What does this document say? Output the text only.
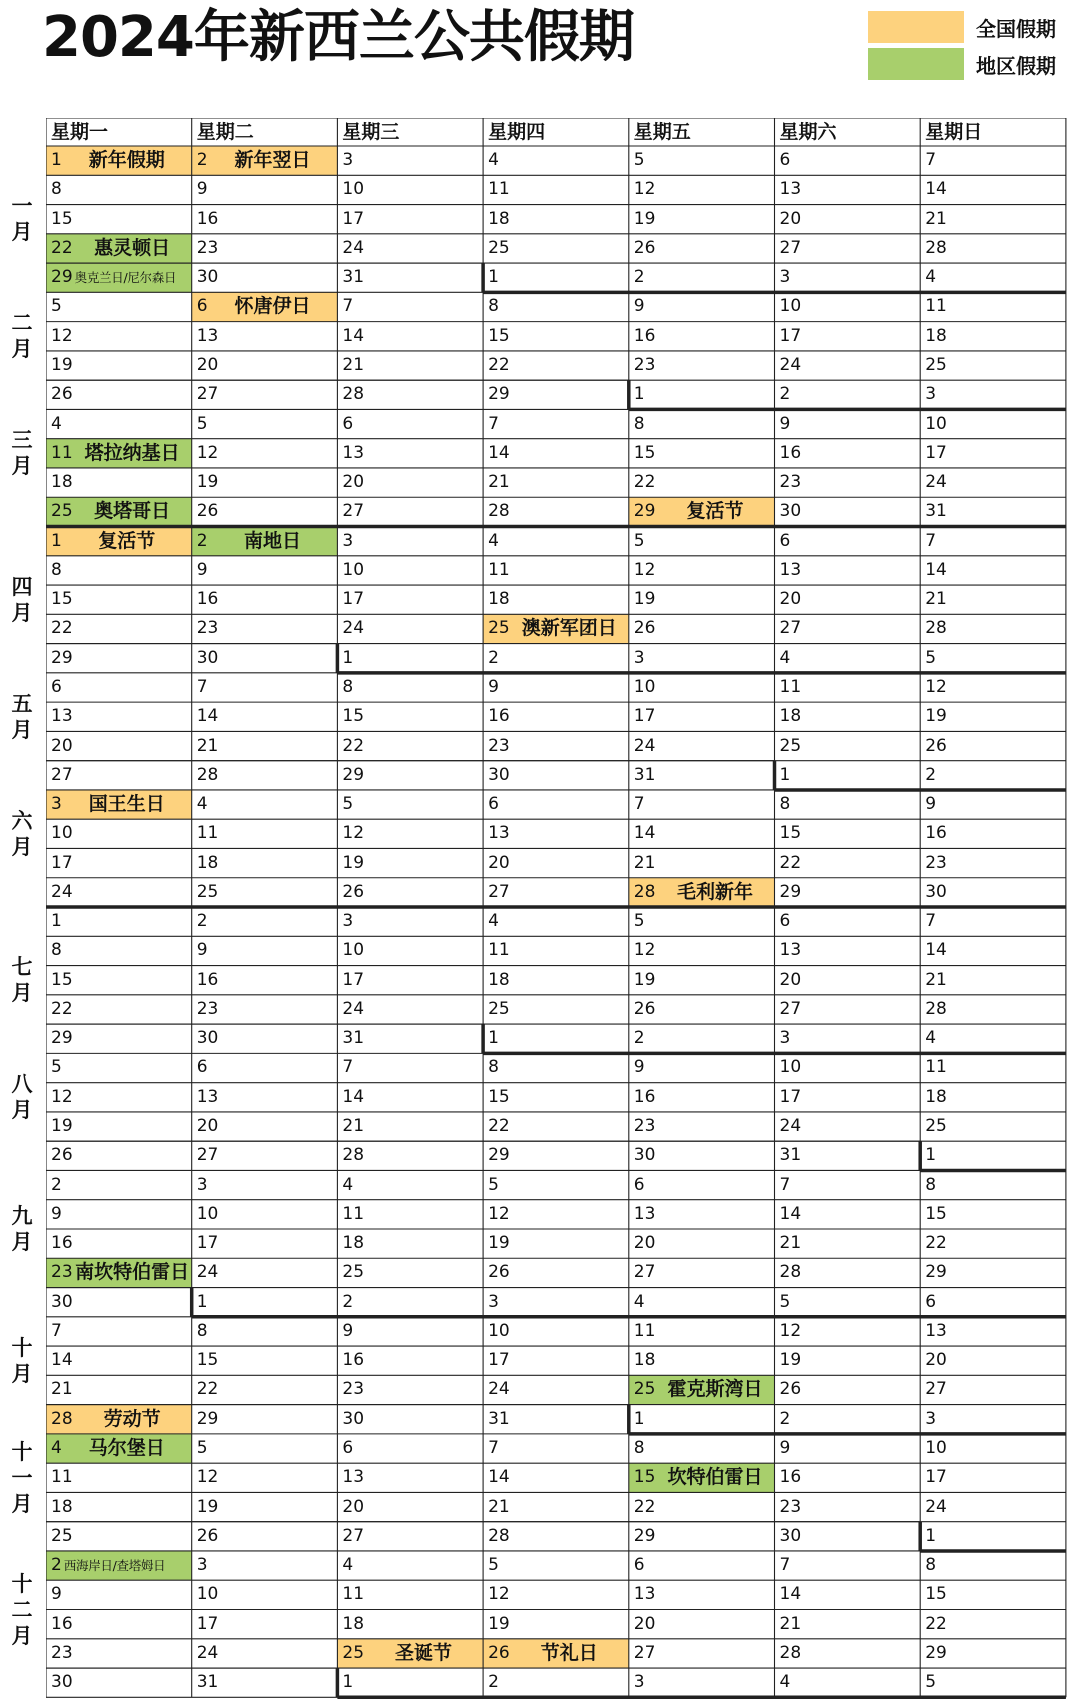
2024年新西兰公共假期	全国假期
地区假期
一
月
二
月
三
月
四
月
五
月
六
月
七
月
八
月
九
月
十
月
十
一
月
十
二
月
星期一	星期二	星期三	星期四	星期五	星期六	星期日
1	新年假期	2	新年翌日	3	4	5	6	7
8	9	10	11	12	13	14
15	16	17	18	19	20	21
22	惠灵顿日	23	24	25	26	27	28
29 奥克兰日/尼尔森日	30	31	1	2	3	4
5	6	怀唐伊日	7	8	9	10	11
12	13	14	15	16	17	18
19	20	21	22	23	24	25
26	27	28	29	1	2	3
4	5	6	7	8	9	10
11 塔拉纳基日	12	13	14	15	16	17
18	19	20	21	22	23	24
25	奥塔哥日	26	27	28	29	复活节	30	31
1	复活节	2	南地日	3	4	5	6	7
8	9	10	11	12	13	14
15	16	17	18	19	20	21
22	23	24	25 澳新军团日	26	27	28
29	30	1	2	3	4	5
6	7	8	9	10	11	12
13	14	15	16	17	18	19
20	21	22	23	24	25	26
27	28	29	30	31	1	2
3	国王生日	4	5	6	7	8	9
10	11	12	13	14	15	16
17	18	19	20	21	22	23
24	25	26	27	28	毛利新年	29	30
1	2	3	4	5	6	7
8	9	10	11	12	13	14
15	16	17	18	19	20	21
22	23	24	25	26	27	28
29	30	31	1	2	3	4
5	6	7	8	9	10	11
12	13	14	15	16	17	18
19	20	21	22	23	24	25
26	27	28	29	30	31	1
2	3	4	5	6	7	8
9	10	11	12	13	14	15
16	17	18	19	20	21	22
23 南坎特伯雷日 24	25	26	27	28	29
30	1	2	3	4	5	6
7	8	9	10	11	12	13
14	15	16	17	18	19	20
21	22	23	24	25 霍克斯湾日	26	27
28	劳动节	29	30	31	1	2	3
4	马尔堡日	5	6	7	8	9	10
11	12	13	14	15 坎特伯雷日	16	17
18	19	20	21	22	23	24
25	26	27	28	29	30	1
2 西海岸日/查塔姆日	3	4	5	6	7	8
9	10	11	12	13	14	15
16	17	18	19	20	21	22
23	24	25	圣诞节	26	节礼日	27	28	29
30	31	1	2	3	4	5
